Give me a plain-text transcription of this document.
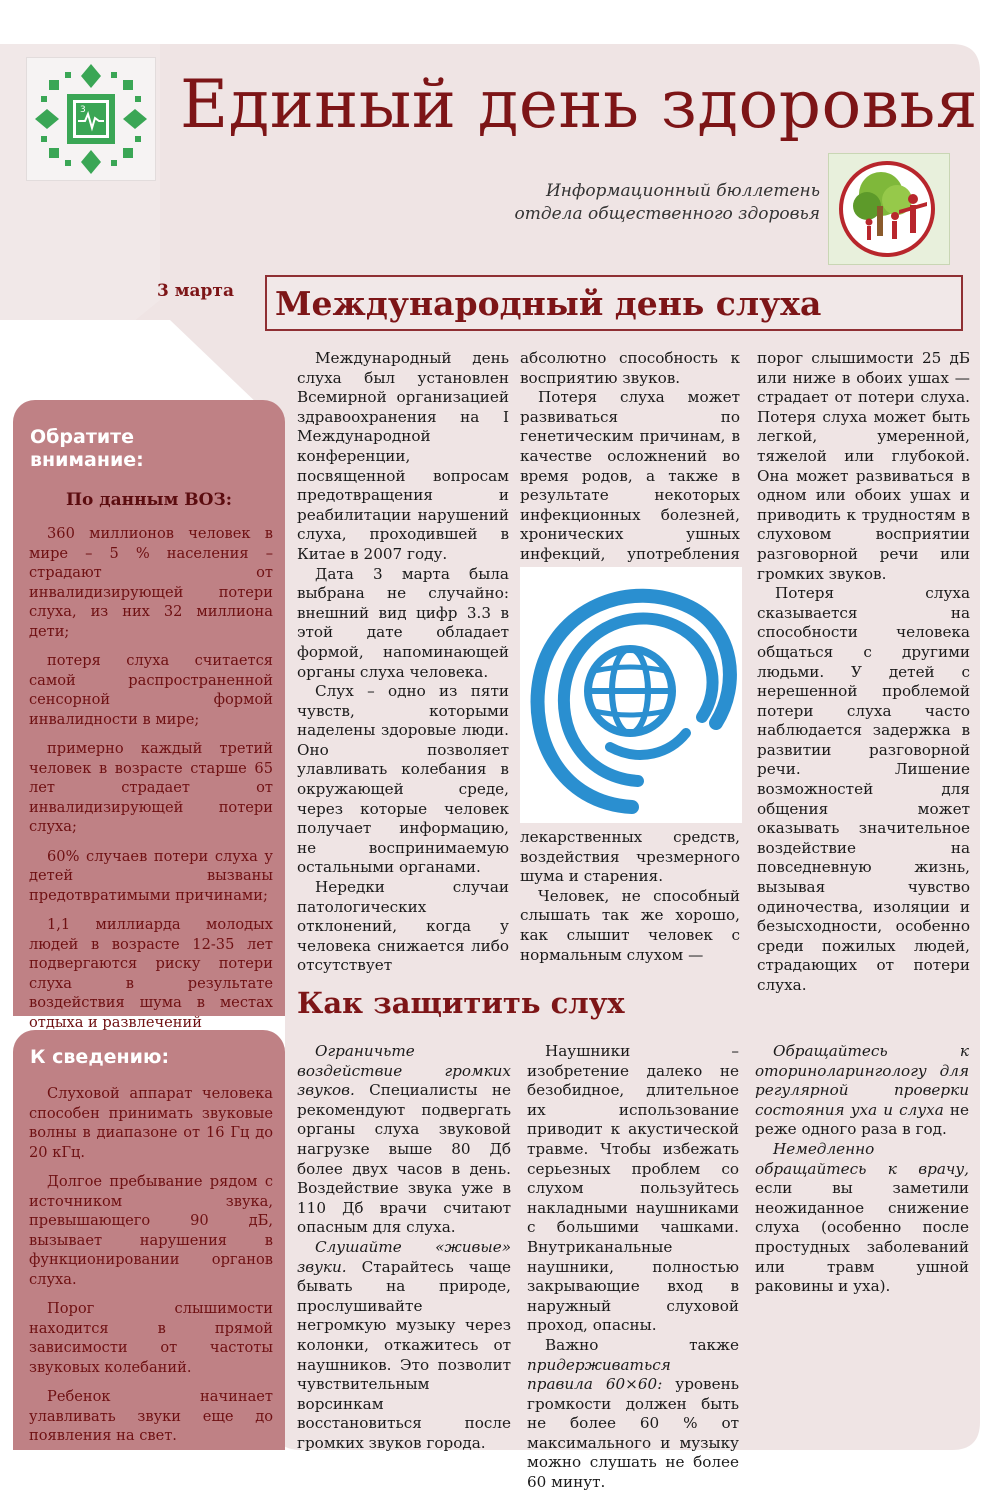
3 Единый день здоровья
Информационный бюллетень
отдела общественного здоровья
3 марта Международный день слуха
Обратите
внимание:
По данным ВОЗ:

360 миллионов человек в мире – 5 % населения – страдают от инвалидизирующей потери слуха, из них 32 миллиона дети;

потеря слуха считается самой распространенной сенсорной формой инвалидности в мире;

примерно каждый третий человек в возрасте старше 65 лет страдает от инвалидизирующей потери слуха;

60% случаев потери слуха у детей вызваны предотвратимыми причинами;

1,1 миллиарда молодых людей в возрасте 12-35 лет подвергаются риску потери слуха в результате воздействия шума в местах отдыха и развлечений

К сведению:

Слуховой аппарат человека способен принимать звуковые волны в диапазоне от 16 Гц до 20 кГц.

Долгое пребывание рядом с источником звука, превышающего 90 дБ, вызывает нарушения в функционировании органов слуха.

Порог слышимости находится в прямой зависимости от частоты звуковых колебаний.

Ребенок начинает улавливать звуки еще до появления на свет.

Международный день слуха был установлен Всемирной организацией здравоохранения на I Международной конференции, посвященной вопросам предотвращения и реабилитации нарушений слуха, проходившей в Китае в 2007 году.

Дата 3 марта была выбрана не случайно: внешний вид цифр 3.3 в этой дате обладает формой, напоминающей органы слуха человека.

Слух – одно из пяти чувств, которыми наделены здоровые люди. Оно позволяет улавливать колебания в окружающей среде, через которые человек получает информацию, не воспринимаемую остальными органами.

Нередки случаи патологических отклонений, когда у человека снижается либо отсутствует

абсолютно способность к восприятию звуков.

Потеря слуха может развиваться по генетическим причинам, в качестве осложнений во время родов, а также в результате некоторых инфекционных болезней, хронических ушных инфекций, употребления

лекарственных средств, воздействия чрезмерного шума и старения.

Человек, не способный слышать так же хорошо, как слышит человек с нормальным слухом —

порог слышимости 25 дБ или ниже в обоих ушах — страдает от потери слуха. Потеря слуха может быть легкой, умеренной, тяжелой или глубокой. Она может развиваться в одном или обоих ушах и приводить к трудностям в слуховом восприятии разговорной речи или громких звуков.

Потеря слуха сказывается на способности человека общаться с другими людьми. У детей с нерешенной проблемой потери слуха часто наблюдается задержка в развитии разговорной речи. Лишение возможностей для общения может оказывать значительное воздействие на повседневную жизнь, вызывая чувство одиночества, изоляции и безысходности, особенно среди пожилых людей, страдающих от потери слуха.

Как защитить слух

Ограничьте воздействие громких звуков. Специалисты не рекомендуют подвергать органы слуха звуковой нагрузке выше 80 Дб более двух часов в день. Воздействие звука уже в 110 Дб врачи считают опасным для слуха.

Слушайте «живые» звуки. Старайтесь чаще бывать на природе, прослушивайте негромкую музыку через колонки, откажитесь от наушников. Это позволит чувствительным ворсинкам восстановиться после громких звуков города.

Наушники – изобретение далеко не безобидное, длительное их использование приводит к акустической травме. Чтобы избежать серьезных проблем со слухом пользуйтесь накладными наушниками с большими чашками. Внутриканальные наушники, полностью закрывающие вход в наружный слуховой проход, опасны.

Важно также придерживаться правила 60×60: уровень громкости должен быть не более 60 % от максимального и музыку можно слушать не более 60 минут.

Обращайтесь к оториноларингологу для регулярной проверки состояния уха и слуха не реже одного раза в год.

Немедленно обращайтесь к врачу, если вы заметили неожиданное снижение слуха (особенно после простудных заболеваний или травм ушной раковины и уха).
